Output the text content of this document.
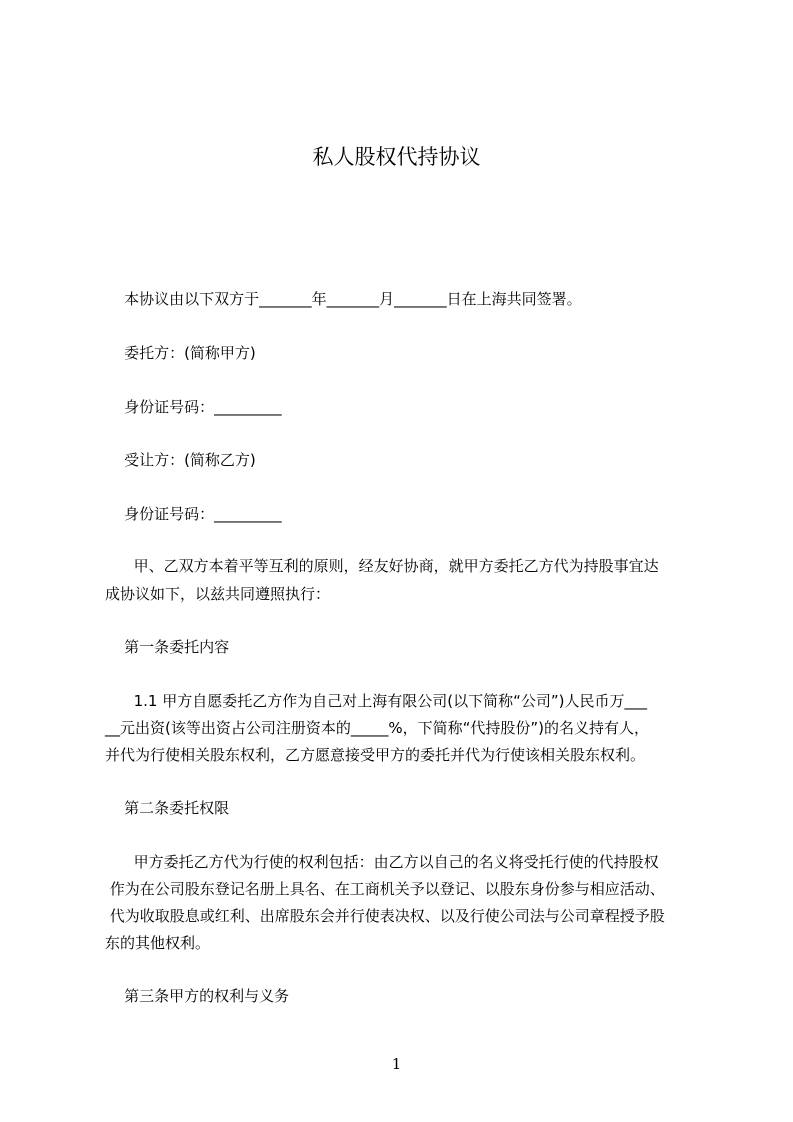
私人股权代持协议
本协议由以下双方于_______年_______月_______日在上海共同签署。
委托方：(简称甲方)
身份证号码：_________
受让方：(简称乙方)
身份证号码：_________
甲、乙双方本着平等互利的原则，经友好协商，就甲方委托乙方代为持股事宜达
成协议如下，以兹共同遵照执行：
第一条委托内容
1.1 甲方自愿委托乙方作为自己对上海有限公司(以下简称“公司”)人民币万___
__元出资(该等出资占公司注册资本的_____%，下简称“代持股份”)的名义持有人，
并代为行使相关股东权利，乙方愿意接受甲方的委托并代为行使该相关股东权利。
第二条委托权限
甲方委托乙方代为行使的权利包括：由乙方以自己的名义将受托行使的代持股权
作为在公司股东登记名册上具名、在工商机关予以登记、以股东身份参与相应活动、
代为收取股息或红利、出席股东会并行使表决权、以及行使公司法与公司章程授予股
东的其他权利。
第三条甲方的权利与义务
1
